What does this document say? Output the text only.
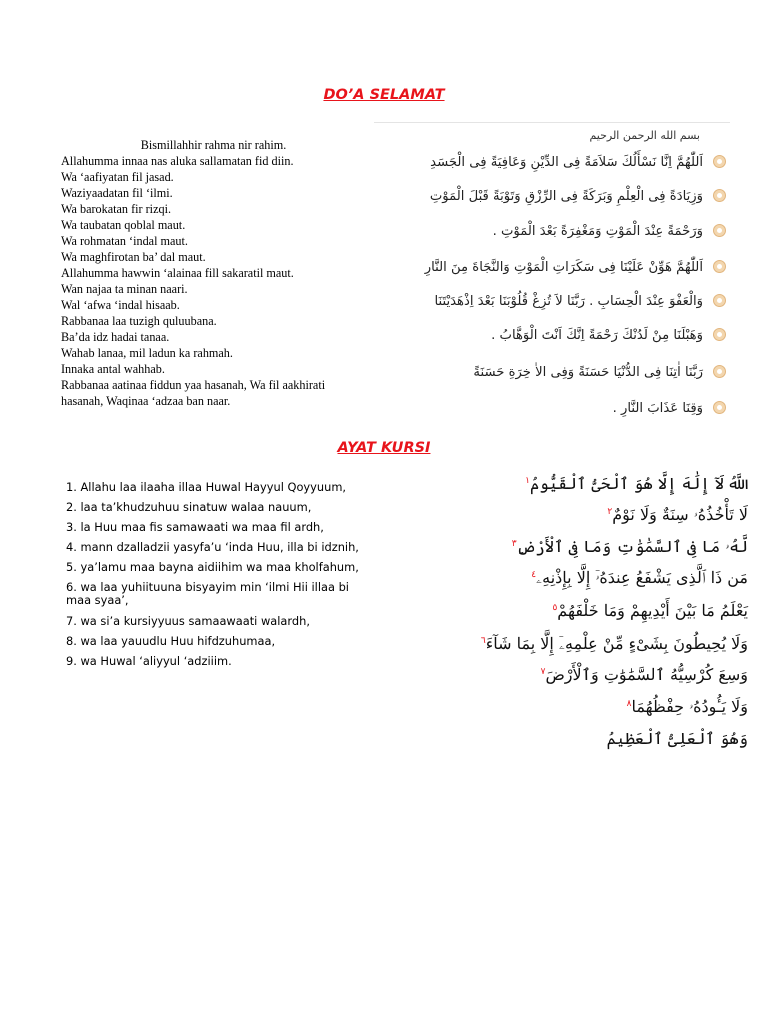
DO’A SELAMAT
Bismillahhir rahma nir rahim.
Allahumma innaa nas aluka sallamatan fid diin.
Wa ‘aafiyatan fil jasad.
Waziyaadatan fil ‘ilmi.
Wa barokatan fir rizqi.
Wa taubatan qoblal maut.
Wa rohmatan ‘indal maut.
Wa maghfirotan ba’ dal maut.
Allahumma hawwin ‘alainaa fill sakaratil maut.
Wan najaa ta minan naari.
Wal ‘afwa ‘indal hisaab.
Rabbanaa laa tuzigh quluubana.
Ba’da idz hadai tanaa.
Wahab lanaa, mil ladun ka rahmah.
Innaka antal wahhab.
Rabbanaa aatinaa fiddun yaa hasanah, Wa fil aakhirati hasanah, Waqinaa ‘adzaa ban naar.
بسم الله الرحمن الرحيم
اَللّٰهُمَّ اِنَّا نَسْأَلُكَ سَلاَمَةً فِى الدِّيْنِ وَعَافِيَةً فِى الْجَسَدِ
وَزِيَادَةً فِى الْعِلْمِ وَبَرَكَةً فِى الرِّزْقِ وَتَوْبَةً قَبْلَ الْمَوْتِ
وَرَحْمَةً عِنْدَ الْمَوْتِ وَمَغْفِرَةً بَعْدَ الْمَوْتِ .
اَللّٰهُمَّ هَوِّنْ عَلَيْنَا فِى سَكَرَاتِ الْمَوْتِ وَالنَّجَاةَ مِنَ النَّارِ
وَالْعَفْوَ عِنْدَ الْحِسَابِ . رَبَّنَا لاَ تُزِغْ قُلُوْبَنَا بَعْدَ اِذْهَدَيْتَنَا
وَهَبْلَنَا مِنْ لَدُنْكَ رَحْمَةً اِنَّكَ اَنْتَ الْوَهَّابُ .
رَبَّنَا اٰتِنَا فِى الدُّنْيَا حَسَنَةً وَفِى الاٰ خِرَةِ حَسَنَةً
وَقِنَا عَذَابَ النَّارِ .
AYAT KURSI
1. Allahu laa ilaaha illaa Huwal Hayyul Qoyyuum,
2. laa ta’khudzuhuu sinatuw walaa nauum,
3. la Huu maa fis samawaati wa maa fil ardh,
4. mann dzalladzii yasyfa’u ‘inda Huu, illa bi idznih,
5. ya’lamu maa bayna aidiihim wa maa kholfahum,
6. wa laa yuhiituuna bisyayim min ‘ilmi Hii illaa bi maa syaa’,
7. wa si’a kursiyyuus samaawaati walardh,
8. wa laa yauudlu Huu hifdzuhumaa,
9. wa Huwal ‘aliyyul ‘adziiim.
اللَّهُ لَآ إِلَٰهَ إِلَّا هُوَ ٱلْحَىُّ ٱلْقَيُّومُ$^١$
لَا تَأْخُذُهُۥ سِنَةٌ وَلَا نَوْمٌ$^٢$
لَّهُۥ مَا فِى ٱلسَّمَٰوَٰتِ وَمَا فِى ٱلْأَرْضِ$^٣$
مَن ذَا ٱلَّذِى يَشْفَعُ عِندَهُۥٓ إِلَّا بِإِذْنِهِۦ$^٤$
يَعْلَمُ مَا بَيْنَ أَيْدِيهِمْ وَمَا خَلْفَهُمْ$^٥$
وَلَا يُحِيطُونَ بِشَىْءٍ مِّنْ عِلْمِهِۦٓ إِلَّا بِمَا شَآءَ$^٦$
وَسِعَ كُرْسِيُّهُ ٱلسَّمَٰوَٰتِ وَٱلْأَرْضَ$^٧$
وَلَا يَـُٔودُهُۥ حِفْظُهُمَا$^٨$
وَهُوَ ٱلْعَلِىُّ ٱلْعَظِيمُ
